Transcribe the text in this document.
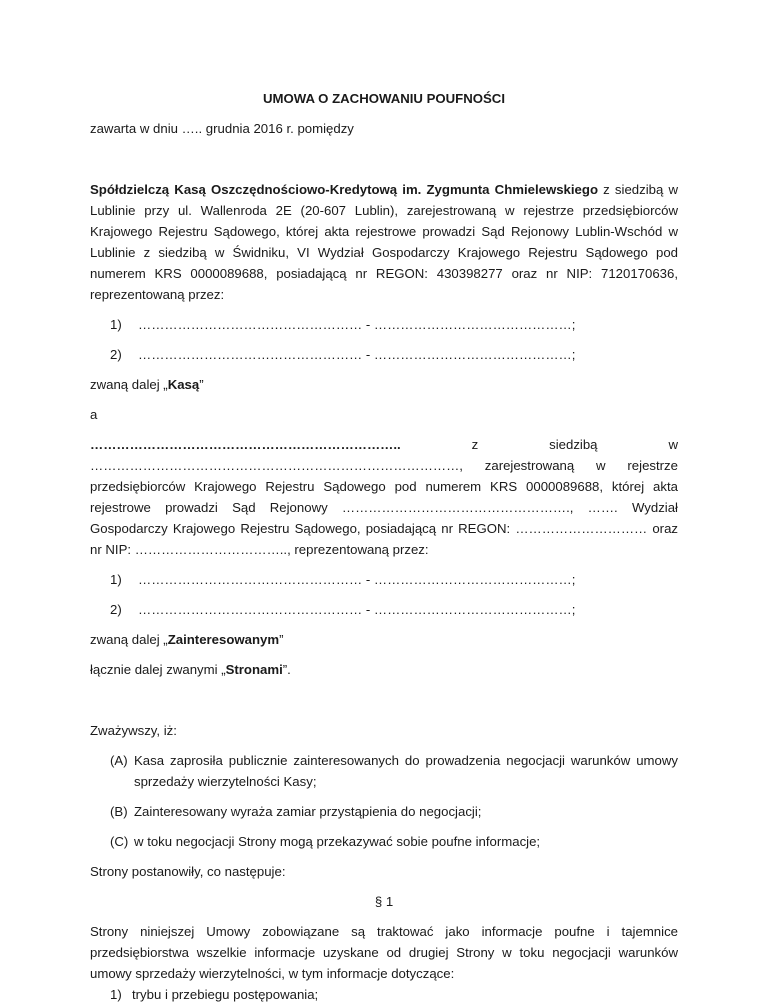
UMOWA O ZACHOWANIU POUFNOŚCI

zawarta w dniu ….. grudnia 2016 r. pomiędzy

Spółdzielczą Kasą Oszczędnościowo-Kredytową im. Zygmunta Chmielewskiego z siedzibą w Lublinie przy ul. Wallenroda 2E (20-607 Lublin), zarejestrowaną w rejestrze przedsiębiorców Krajowego Rejestru Sądowego, której akta rejestrowe prowadzi Sąd Rejonowy Lublin-Wschód w Lublinie z siedzibą w Świdniku, VI Wydział Gospodarczy Krajowego Rejestru Sądowego pod numerem KRS 0000089688, posiadającą nr REGON: 430398277 oraz nr NIP: 7120170636, reprezentowaną przez:

1)	…………………………………………… - ………………………………………;
2)	…………………………………………… - ………………………………………;

zwaną dalej „Kasą”

a

……………………………………………………………..	z siedzibą w

…………………………………………………………………………, zarejestrowaną w rejestrze przedsiębiorców Krajowego Rejestru Sądowego pod numerem KRS 0000089688, której akta rejestrowe prowadzi Sąd Rejonowy ……………………………………………., ……. Wydział Gospodarczy Krajowego Rejestru Sądowego, posiadającą nr REGON: ………………………… oraz nr NIP: …………………………….., reprezentowaną przez:

1)	…………………………………………… - ………………………………………;
2)	…………………………………………… - ………………………………………;

zwaną dalej „Zainteresowanym”

łącznie dalej zwanymi „Stronami”.

Zważywszy, iż:

(A) Kasa zaprosiła publicznie zainteresowanych do prowadzenia negocjacji warunków umowy sprzedaży wierzytelności Kasy;
(B) Zainteresowany wyraża zamiar przystąpienia do negocjacji;
(C) w toku negocjacji Strony mogą przekazywać sobie poufne informacje;

Strony postanowiły, co następuje:

§ 1

Strony niniejszej Umowy zobowiązane są traktować jako informacje poufne i tajemnice przedsiębiorstwa wszelkie informacje uzyskane od drugiej Strony w toku negocjacji warunków umowy sprzedaży wierzytelności, w tym informacje dotyczące:

1) trybu i przebiegu postępowania;
